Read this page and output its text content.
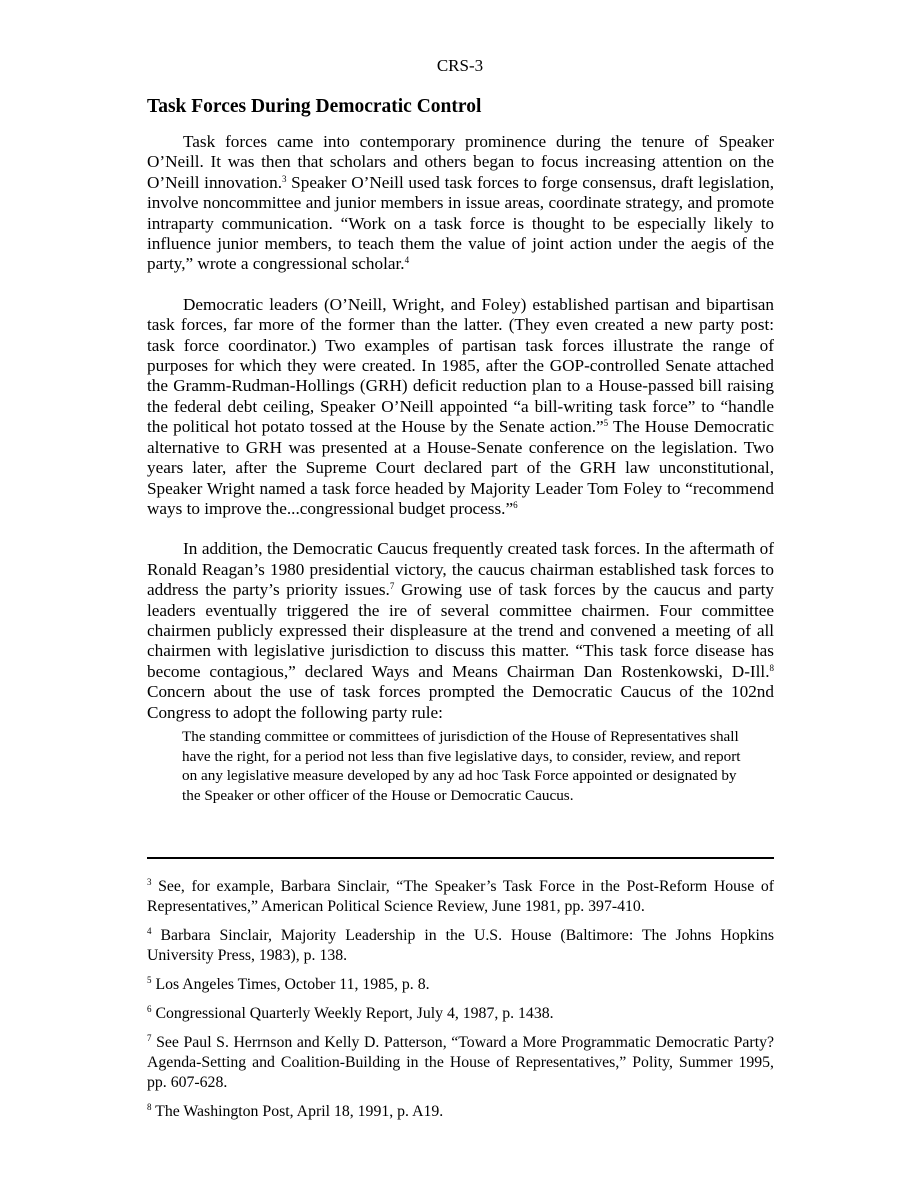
CRS-3
Task Forces During Democratic Control

Task forces came into contemporary prominence during the tenure of Speaker O’Neill. It was then that scholars and others began to focus increasing attention on the O’Neill innovation.$^3$ Speaker O’Neill used task forces to forge consensus, draft legislation, involve noncommittee and junior members in issue areas, coordinate strategy, and promote intraparty communication. “Work on a task force is thought to be especially likely to influence junior members, to teach them the value of joint action under the aegis of the party,” wrote a congressional scholar.$^4$

Democratic leaders (O’Neill, Wright, and Foley) established partisan and bipartisan task forces, far more of the former than the latter. (They even created a new party post: task force coordinator.) Two examples of partisan task forces illustrate the range of purposes for which they were created. In 1985, after the GOP-controlled Senate attached the Gramm-Rudman-Hollings (GRH) deficit reduction plan to a House-passed bill raising the federal debt ceiling, Speaker O’Neill appointed “a bill-writing task force” to “handle the political hot potato tossed at the House by the Senate action.”$^5$ The House Democratic alternative to GRH was presented at a House-Senate conference on the legislation. Two years later, after the Supreme Court declared part of the GRH law unconstitutional, Speaker Wright named a task force headed by Majority Leader Tom Foley to “recommend ways to improve the...congressional budget process.”$^6$

In addition, the Democratic Caucus frequently created task forces. In the aftermath of Ronald Reagan’s 1980 presidential victory, the caucus chairman established task forces to address the party’s priority issues.$^7$ Growing use of task forces by the caucus and party leaders eventually triggered the ire of several committee chairmen. Four committee chairmen publicly expressed their displeasure at the trend and convened a meeting of all chairmen with legislative jurisdiction to discuss this matter. “This task force disease has become contagious,” declared Ways and Means Chairman Dan Rostenkowski, D-Ill.$^8$ Concern about the use of task forces prompted the Democratic Caucus of the 102nd Congress to adopt the following party rule:

The standing committee or committees of jurisdiction of the House of Representatives shall have the right, for a period not less than five legislative days, to consider, review, and report on any legislative measure developed by any ad hoc Task Force appointed or designated by the Speaker or other officer of the House or Democratic Caucus.

$^3$ See, for example, Barbara Sinclair, “The Speaker’s Task Force in the Post-Reform House of Representatives,” American Political Science Review, June 1981, pp. 397-410.

$^4$ Barbara Sinclair, Majority Leadership in the U.S. House (Baltimore: The Johns Hopkins University Press, 1983), p. 138.

$^5$ Los Angeles Times, October 11, 1985, p. 8.

$^6$ Congressional Quarterly Weekly Report, July 4, 1987, p. 1438.

$^7$ See Paul S. Herrnson and Kelly D. Patterson, “Toward a More Programmatic Democratic Party? Agenda-Setting and Coalition-Building in the House of Representatives,” Polity, Summer 1995, pp. 607-628.

$^8$ The Washington Post, April 18, 1991, p. A19.
